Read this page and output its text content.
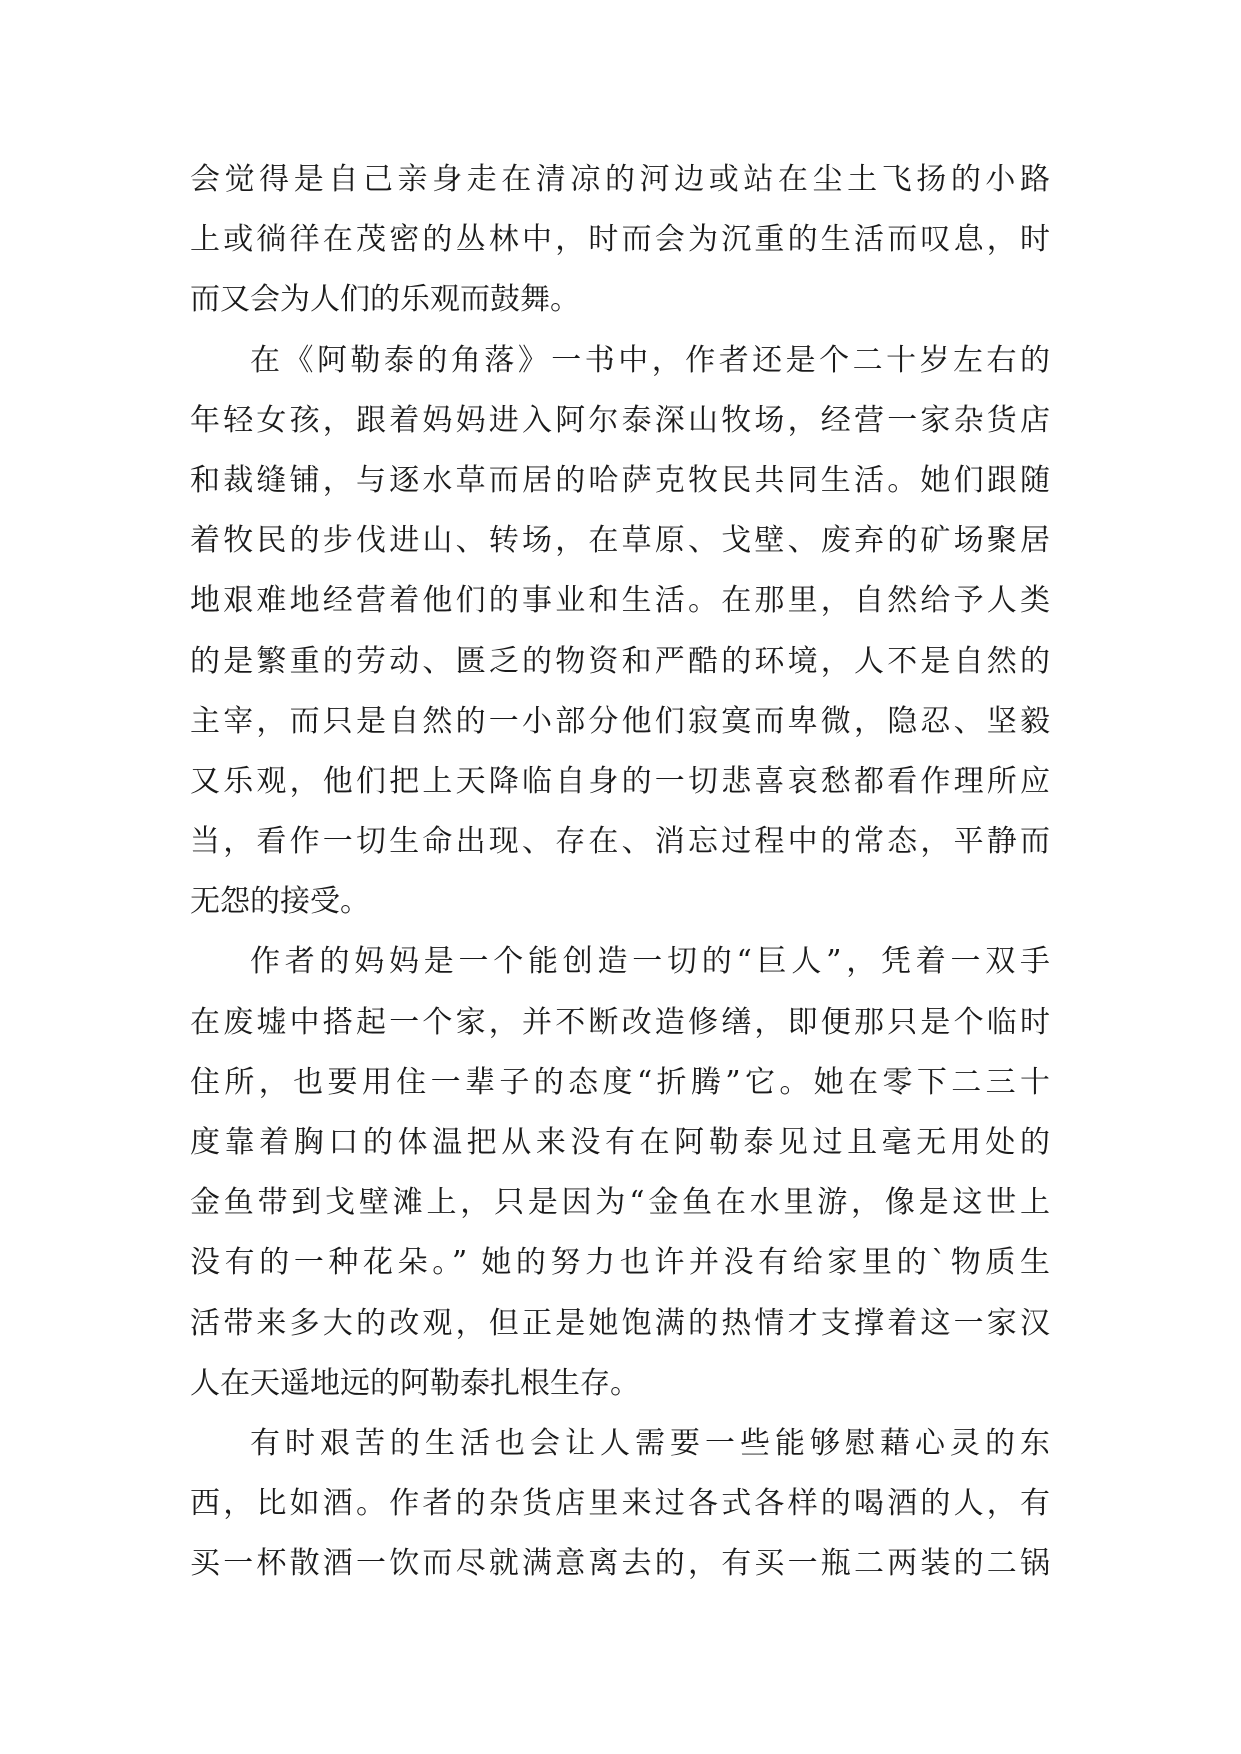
会觉得是自己亲身走在清凉的河边或站在尘土飞扬的小路
上或徜徉在茂密的丛林中，时而会为沉重的生活而叹息，时
而又会为人们的乐观而鼓舞。
在《阿勒泰的角落》一书中，作者还是个二十岁左右的
年轻女孩，跟着妈妈进入阿尔泰深山牧场，经营一家杂货店
和裁缝铺，与逐水草而居的哈萨克牧民共同生活。她们跟随
着牧民的步伐进山、转场，在草原、戈壁、废弃的矿场聚居
地艰难地经营着他们的事业和生活。在那里，自然给予人类
的是繁重的劳动、匮乏的物资和严酷的环境，人不是自然的
主宰，而只是自然的一小部分他们寂寞而卑微，隐忍、坚毅
又乐观，他们把上天降临自身的一切悲喜哀愁都看作理所应
当，看作一切生命出现、存在、消忘过程中的常态，平静而
无怨的接受。
作者的妈妈是一个能创造一切的“巨人”，凭着一双手
在废墟中搭起一个家，并不断改造修缮，即便那只是个临时
住所，也要用住一辈子的态度“折腾”它。她在零下二三十
度靠着胸口的体温把从来没有在阿勒泰见过且毫无用处的
金鱼带到戈壁滩上，只是因为“金鱼在水里游，像是这世上
没有的一种花朵。” 她的努力也许并没有给家里的`物质生
活带来多大的改观，但正是她饱满的热情才支撑着这一家汉
人在天遥地远的阿勒泰扎根生存。
有时艰苦的生活也会让人需要一些能够慰藉心灵的东
西，比如酒。作者的杂货店里来过各式各样的喝酒的人，有
买一杯散酒一饮而尽就满意离去的，有买一瓶二两装的二锅
